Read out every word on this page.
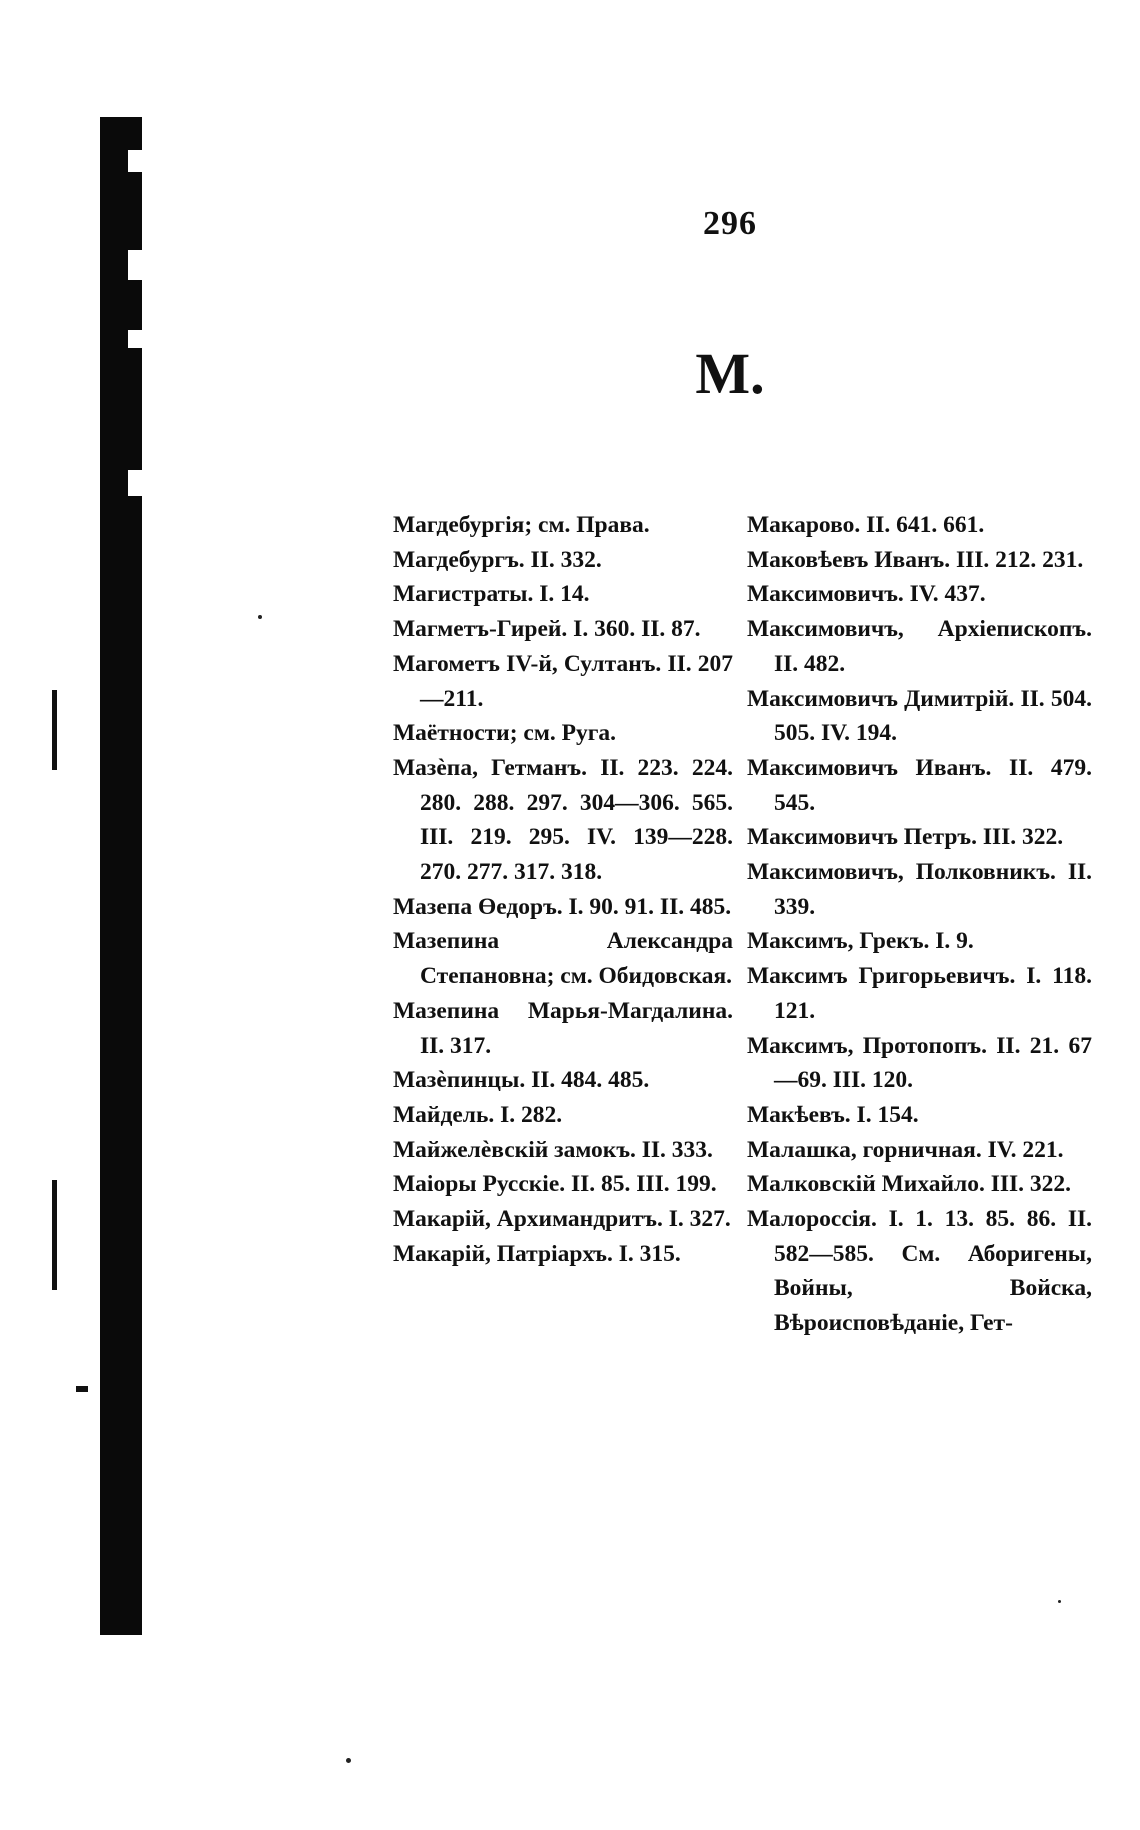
296
M.
Магдебургія; см. Права.
Магдебургъ. II. 332.
Магистраты. I. 14.
Магметъ-Гирей. I. 360. II. 87.
Магометъ IV-й, Султанъ. II. 207—211.
Маётности; см. Руга.
Мазѐпа, Гетманъ. II. 223. 224. 280. 288. 297. 304—306. 565. III. 219. 295. IV. 139—228. 270. 277. 317. 318.
Мазепа Өедоръ. I. 90. 91. II. 485.
Мазепина Александра Степановна; см. Обидовская.
Мазепина Марья-Магдалина. II. 317.
Мазѐпинцы. II. 484. 485.
Майдель. I. 282.
Майжелѐвскій замокъ. II. 333.
Маіоры Русскіе. II. 85. III. 199.
Макарій, Архимандритъ. I. 327.
Макарій, Патріархъ. I. 315.
Макарово. II. 641. 661.
Маковѣевъ Иванъ. III. 212. 231.
Максимовичъ. IV. 437.
Максимовичъ, Архіепископъ. II. 482.
Максимовичъ Димитрій. II. 504. 505. IV. 194.
Максимовичъ Иванъ. II. 479. 545.
Максимовичъ Петръ. III. 322.
Максимовичъ, Полковникъ. II. 339.
Максимъ, Грекъ. I. 9.
Максимъ Григорьевичъ. I. 118. 121.
Максимъ, Протопопъ. II. 21. 67—69. III. 120.
Макѣевъ. I. 154.
Малашка, горничная. IV. 221.
Малковскій Михайло. III. 322.
Малороссія. I. 1. 13. 85. 86. II. 582—585. См. Аборигены, Войны, Войска, Вѣроисповѣданіе, Гет-
